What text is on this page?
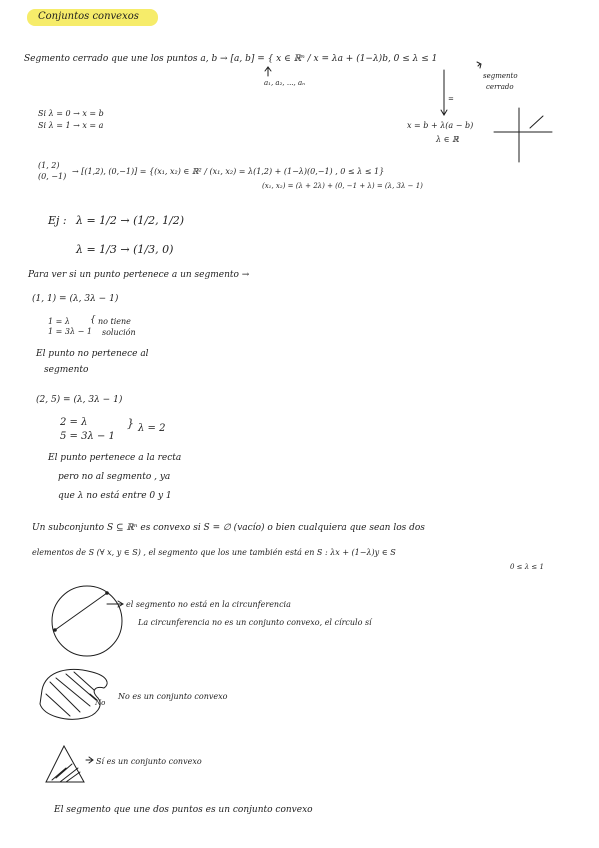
Conjuntos convexos
Segmento cerrado que une los puntos a, b → [a, b] = { x ∈ ℝⁿ / x = λa + (1−λ)b, 0 ≤ λ ≤ 1
a₁, a₂, ..., aₙ
segmento
cerrado
=
x = b + λ(a − b)
λ ∈ ℝ
Si λ = 0 → x = b
Si λ = 1 → x = a
(1, 2)
(0, −1)
→ [(1,2), (0,−1)] = {(x₁, x₂) ∈ ℝ² / (x₁, x₂) = λ(1,2) + (1−λ)(0,−1) , 0 ≤ λ ≤ 1}
(x₁, x₂) = (λ + 2λ) + (0, −1 + λ) = (λ, 3λ − 1)
Ej : λ = 1/2 → (1/2, 1/2)
λ = 1/3 → (1/3, 0)
Para ver si un punto pertenece a un segmento →
(1, 1) = (λ, 3λ − 1)
1 = λ
1 = 3λ − 1
{ no tiene
solución
El punto no pertenece al
segmento
(2, 5) = (λ, 3λ − 1)
2 = λ
5 = 3λ − 1
} λ = 2
El punto pertenece a la recta
pero no al segmento , ya
que λ no está entre 0 y 1
Un subconjunto S ⊆ ℝⁿ es convexo si S = ∅ (vacío) o bien cualquiera que sean los dos
elementos de S (∀ x, y ∈ S) , el segmento que los une también está en S : λx + (1−λ)y ∈ S
0 ≤ λ ≤ 1
el segmento no está en la circunferencia
La circunferencia no es un conjunto convexo, el círculo sí
No
No es un conjunto convexo
Sí es un conjunto convexo
El segmento que une dos puntos es un conjunto convexo
